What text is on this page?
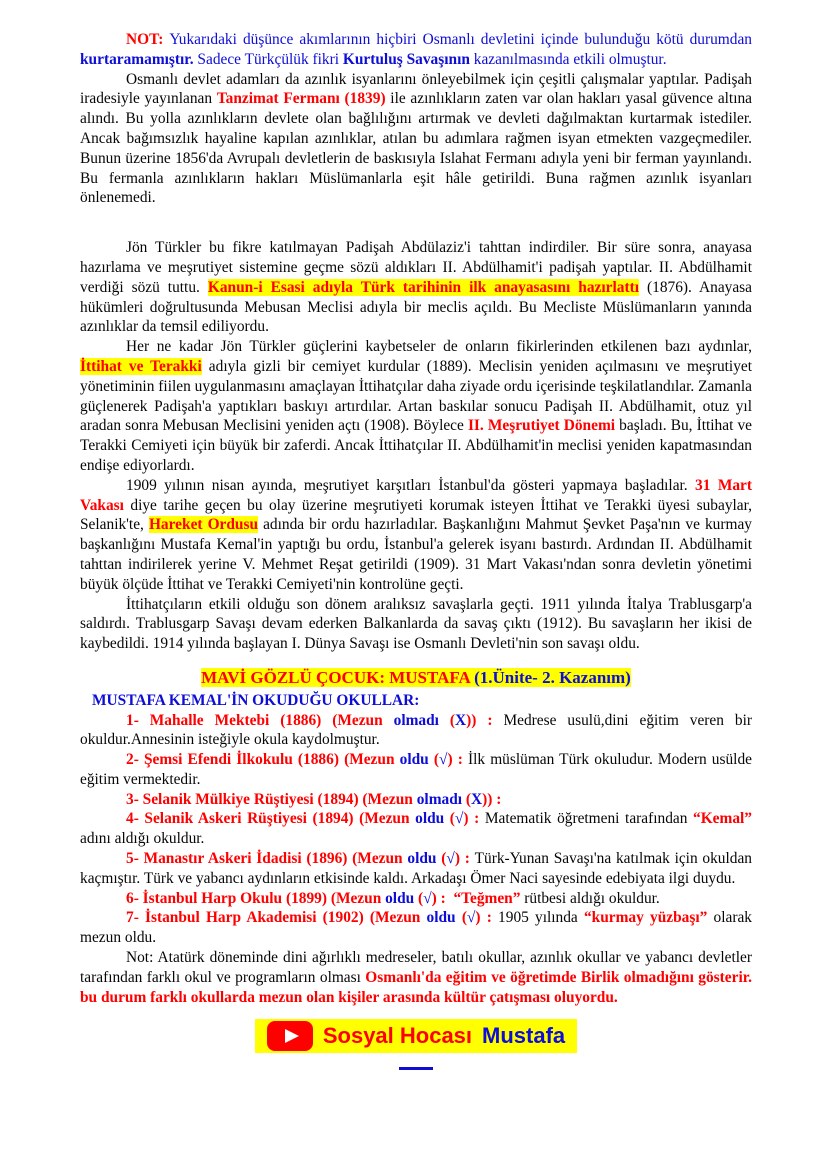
NOT: Yukarıdaki düşünce akımlarının hiçbiri Osmanlı devletini içinde bulunduğu kötü durumdan kurtaramamıştır. Sadece Türkçülük fikri Kurtuluş Savaşının kazanılmasında etkili olmuştur.

Osmanlı devlet adamları da azınlık isyanlarını önleyebilmek için çeşitli çalışmalar yaptılar. Padişah iradesiyle yayınlanan Tanzimat Fermanı (1839) ile azınlıkların zaten var olan hakları yasal güvence altına alındı. Bu yolla azınlıkların devlete olan bağlılığını artırmak ve devleti dağılmaktan kurtarmak istediler. Ancak bağımsızlık hayaline kapılan azınlıklar, atılan bu adımlara rağmen isyan etmekten vazgeçmediler. Bunun üzerine 1856'da Avrupalı devletlerin de baskısıyla Islahat Fermanı adıyla yeni bir ferman yayınlandı. Bu fermanla azınlıkların hakları Müslümanlarla eşit hâle getirildi. Buna rağmen azınlık isyanları önlenemedi.

Jön Türkler bu fikre katılmayan Padişah Abdülaziz'i tahttan indirdiler. Bir süre sonra, anayasa hazırlama ve meşrutiyet sistemine geçme sözü aldıkları II. Abdülhamit'i padişah yaptılar. II. Abdülhamit verdiği sözü tuttu. Kanun-i Esasi adıyla Türk tarihinin ilk anayasasını hazırlattı (1876). Anayasa hükümleri doğrultusunda Mebusan Meclisi adıyla bir meclis açıldı. Bu Mecliste Müslümanların yanında azınlıklar da temsil ediliyordu.

Her ne kadar Jön Türkler güçlerini kaybetseler de onların fikirlerinden etkilenen bazı aydınlar, İttihat ve Terakki adıyla gizli bir cemiyet kurdular (1889). Meclisin yeniden açılmasını ve meşrutiyet yönetiminin fiilen uygulanmasını amaçlayan İttihatçılar daha ziyade ordu içerisinde teşkilatlandılar. Zamanla güçlenerek Padişah'a yaptıkları baskıyı artırdılar. Artan baskılar sonucu Padişah II. Abdülhamit, otuz yıl aradan sonra Mebusan Meclisini yeniden açtı (1908). Böylece II. Meşrutiyet Dönemi başladı. Bu, İttihat ve Terakki Cemiyeti için büyük bir zaferdi. Ancak İttihatçılar II. Abdülhamit'in meclisi yeniden kapatmasından endişe ediyorlardı.

1909 yılının nisan ayında, meşrutiyet karşıtları İstanbul'da gösteri yapmaya başladılar. 31 Mart Vakası diye tarihe geçen bu olay üzerine meşrutiyeti korumak isteyen İttihat ve Terakki üyesi subaylar, Selanik'te, Hareket Ordusu adında bir ordu hazırladılar. Başkanlığını Mahmut Şevket Paşa'nın ve kurmay başkanlığını Mustafa Kemal'in yaptığı bu ordu, İstanbul'a gelerek isyanı bastırdı. Ardından II. Abdülhamit tahttan indirilerek yerine V. Mehmet Reşat getirildi (1909). 31 Mart Vakası'ndan sonra devletin yönetimi büyük ölçüde İttihat ve Terakki Cemiyeti'nin kontrolüne geçti.

İttihatçıların etkili olduğu son dönem aralıksız savaşlarla geçti. 1911 yılında İtalya Trablusgarp'a saldırdı. Trablusgarp Savaşı devam ederken Balkanlarda da savaş çıktı (1912). Bu savaşların her ikisi de kaybedildi. 1914 yılında başlayan I. Dünya Savaşı ise Osmanlı Devleti'nin son savaşı oldu.

MAVİ GÖZLÜ ÇOCUK: MUSTAFA (1.Ünite- 2. Kazanım)

MUSTAFA KEMAL'İN OKUDUĞU OKULLAR:

1- Mahalle Mektebi (1886) (Mezun olmadı (X)) : Medrese usulü,dini eğitim veren bir okuldur.Annesinin isteğiyle okula kaydolmuştur.

2- Şemsi Efendi İlkokulu (1886) (Mezun oldu (√) : İlk müslüman Türk okuludur. Modern usülde eğitim vermektedir.

3- Selanik Mülkiye Rüştiyesi (1894) (Mezun olmadı (X)) :

4- Selanik Askeri Rüştiyesi (1894) (Mezun oldu (√) : Matematik öğretmeni tarafından “Kemal” adını aldığı okuldur.

5- Manastır Askeri İdadisi (1896) (Mezun oldu (√) : Türk-Yunan Savaşı'na katılmak için okuldan kaçmıştır. Türk ve yabancı aydınların etkisinde kaldı. Arkadaşı Ömer Naci sayesinde edebiyata ilgi duydu.

6- İstanbul Harp Okulu (1899) (Mezun oldu (√) :  “Teğmen” rütbesi aldığı okuldur.

7- İstanbul Harp Akademisi (1902) (Mezun oldu (√) : 1905 yılında “kurmay yüzbaşı” olarak mezun oldu.

Not: Atatürk döneminde dini ağırlıklı medreseler, batılı okullar, azınlık okullar ve yabancı devletler tarafından farklı okul ve programların olması Osmanlı'da eğitim ve öğretimde Birlik olmadığını gösterir. bu durum farklı okullarda mezun olan kişiler arasında kültür çatışması oluyordu.

Sosyal Hocası Mustafa
